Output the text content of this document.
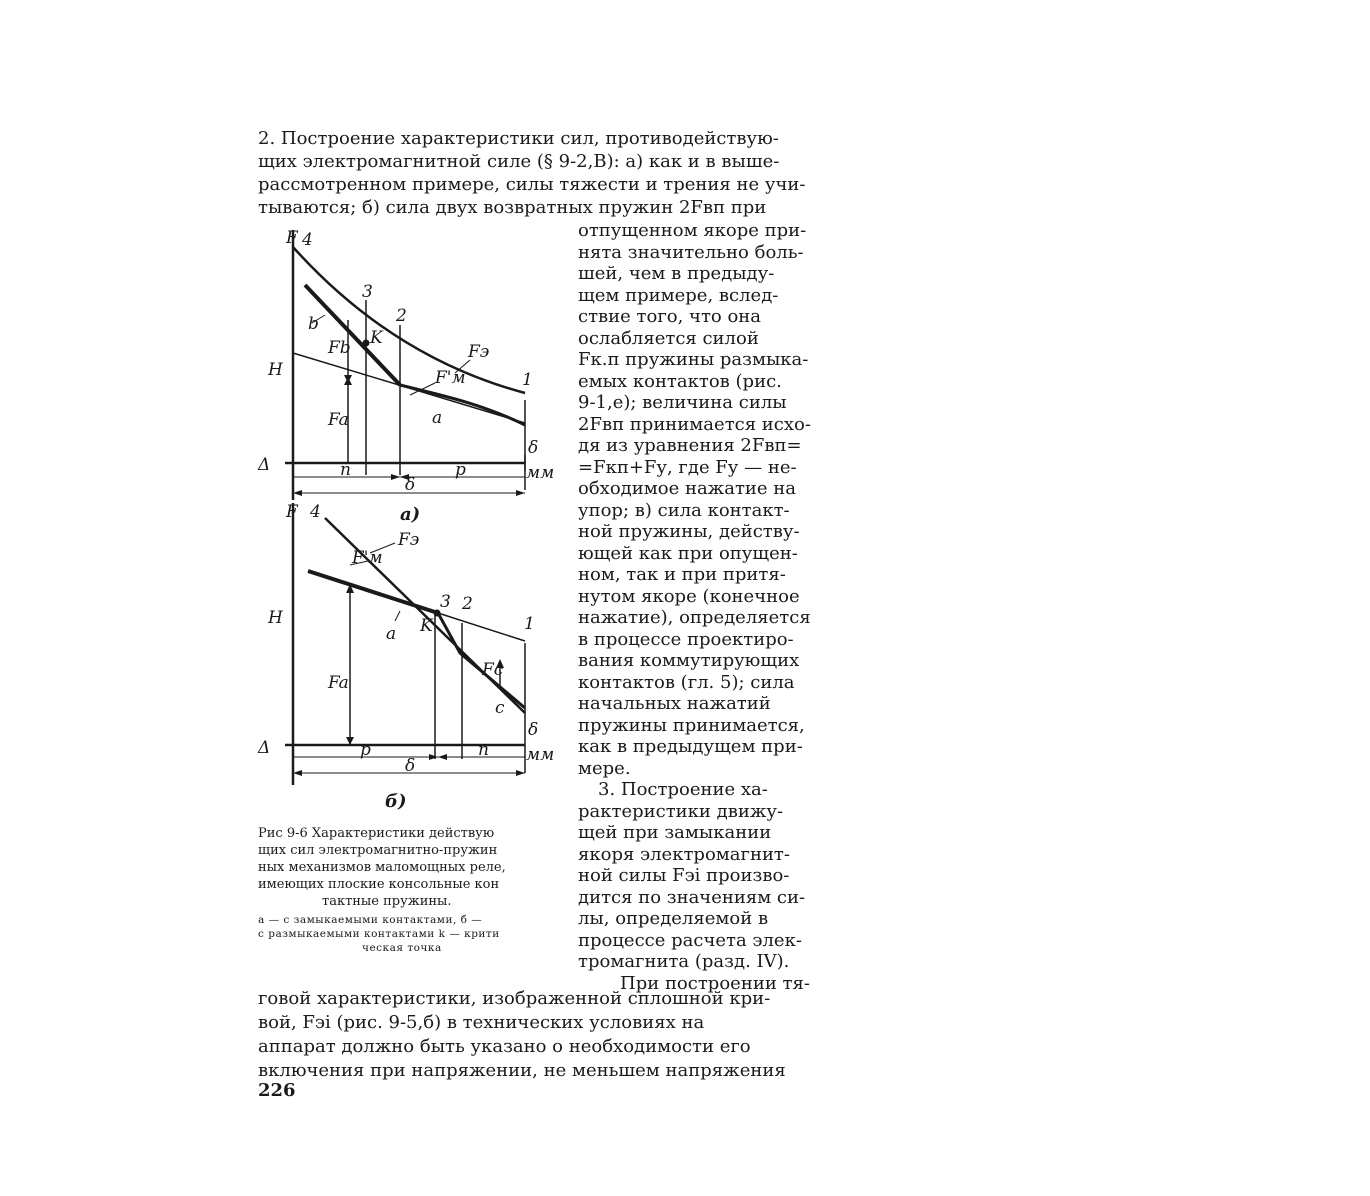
2. Построение характеристики сил, противодействую-
щих электромагнитной силе (§ 9-2,В): а) как и в выше-
рассмотренном примере, силы тяжести и трения не учи-
тываются; б) сила двух возвратных пружин 2Fвп при
отпущенном якоре при-
нята значительно боль-
шей, чем в предыду-
щем примере, вслед-
ствие того, что она
ослабляется силой
Fк.п пружины размыка-
емых контактов (рис.
9-1,е); величина силы
2Fвп принимается исхо-
дя из уравнения 2Fвп=
=Fкп+Fу, где Fу — не-
обходимое нажатие на
упор; в) сила контакт-
ной пружины, действу-
ющей как при опущен-
ном, так и при притя-
нутом якоре (конечное
нажатие), определяется
в процессе проектиро-
вания коммутирующих
контактов (гл. 5); сила
начальных нажатий
пружины принимается,
как в предыдущем при-
мере.
3. Построение ха-
рактеристики движу-
щей при замыкании
якоря электромагнит-
ной силы Fэi произво-
дится по значениям си-
лы, определяемой в
процессе расчета элек-
тромагнита (разд. IV).
При построении тя-
говой характеристики, изображенной сплошной кри-
вой, Fэi (рис. 9-5,б) в технических условиях на
аппарат должно быть указано о необходимости его
включения при напряжении, не меньшем напряжения
F 4
3
2
1
Fэ
F'м
b
K
Fb
Fa	a
n	p
δ
δ
Н
Δ	мм
а)
F 4
3 2
1
Fэ
F'м
a K
Fa
Fc
c
p	n
δ
δ
Н
Δ	мм
б)
Рис 9-6 Характеристики действую
щих сил электромагнитно-пружин
ных механизмов маломощных реле,
имеющих плоские консольные кон
тактные пружины.
а — с замыкаемыми контактами, б —
с размыкаемыми контактами k — крити
ческая точка
226
